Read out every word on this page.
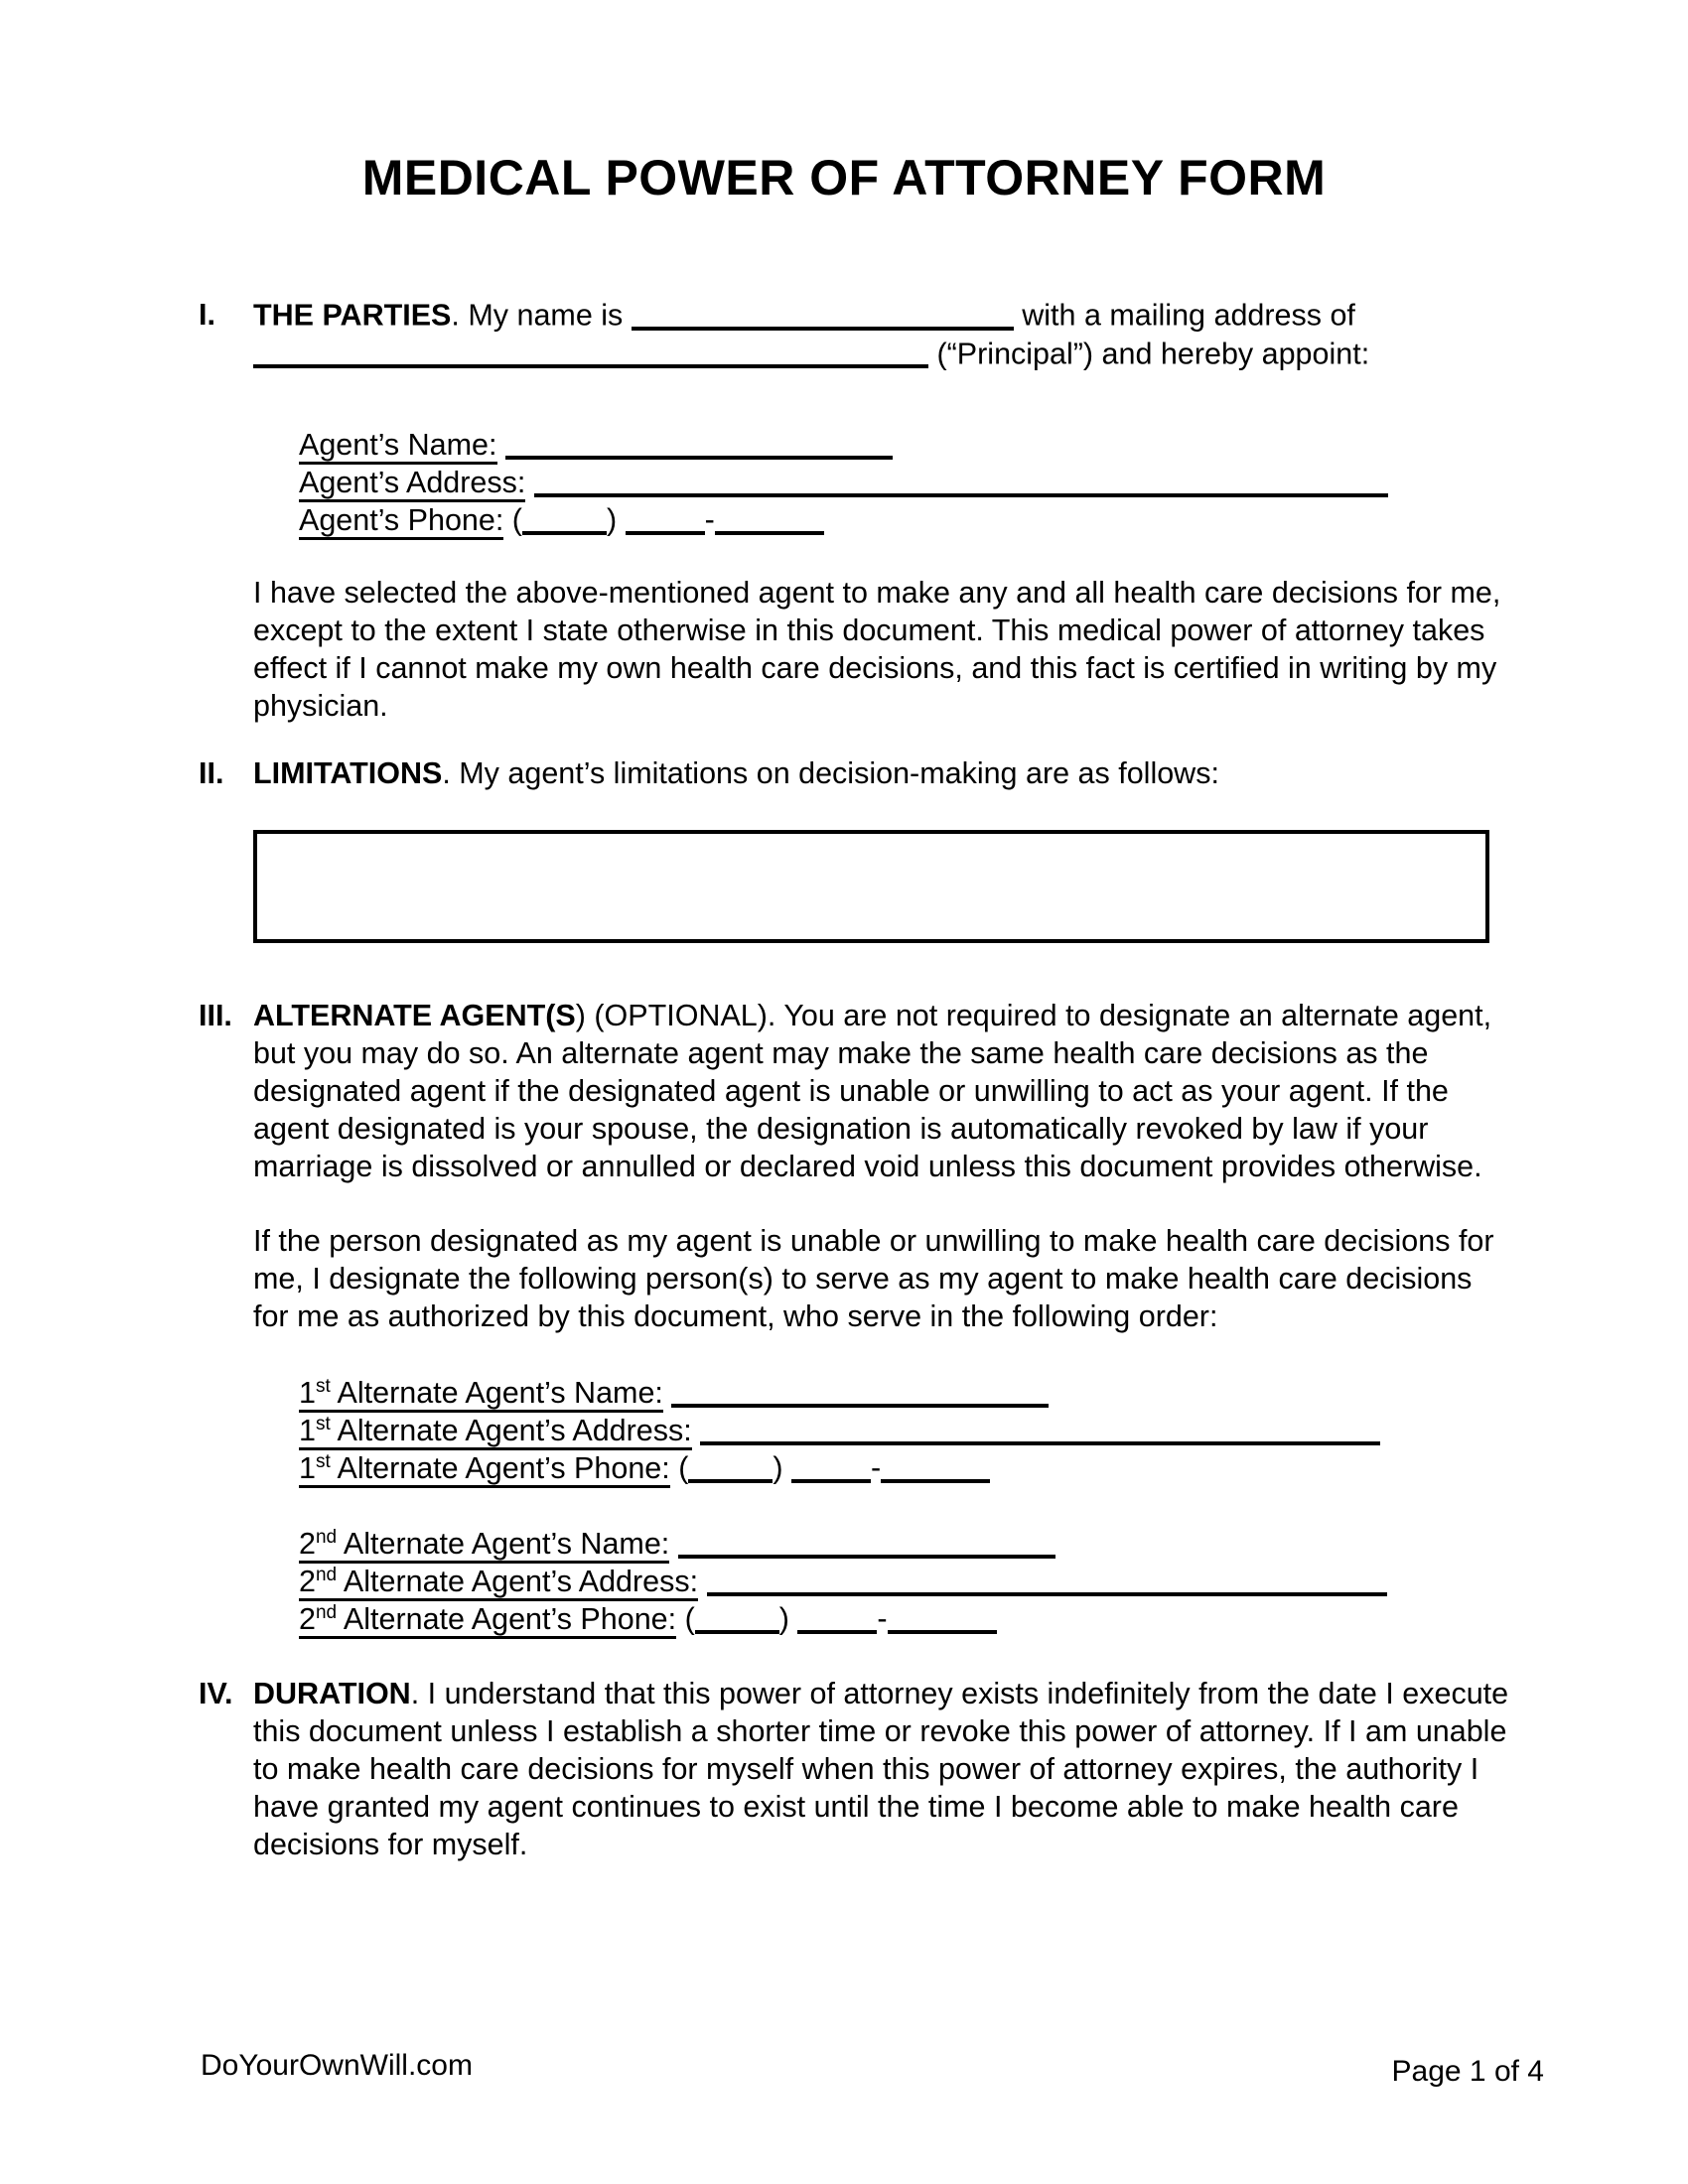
MEDICAL POWER OF ATTORNEY FORM
I.	THE PARTIES. My name is	with a mailing address of
(“Principal”) and hereby appoint:
Agent’s Name:
Agent’s Address:
Agent’s Phone: (	)	-

I have selected the above-mentioned agent to make any and all health care decisions for me, except to the extent I state otherwise in this document. This medical power of attorney takes effect if I cannot make my own health care decisions, and this fact is certified in writing by my physician.

II. LIMITATIONS. My agent’s limitations on decision-making are as follows:
III. ALTERNATE AGENT(S) (OPTIONAL). You are not required to designate an alternate agent, but you may do so. An alternate agent may make the same health care decisions as the designated agent if the designated agent is unable or unwilling to act as your agent. If the agent designated is your spouse, the designation is automatically revoked by law if your marriage is dissolved or annulled or declared void unless this document provides otherwise.

If the person designated as my agent is unable or unwilling to make health care decisions for me, I designate the following person(s) to serve as my agent to make health care decisions for me as authorized by this document, who serve in the following order:

1st Alternate Agent’s Name:
1st Alternate Agent’s Address:
1st Alternate Agent’s Phone: (	)	-
2nd Alternate Agent’s Name:
2nd Alternate Agent’s Address:
2nd Alternate Agent’s Phone: (	)	-
IV. DURATION. I understand that this power of attorney exists indefinitely from the date I execute this document unless I establish a shorter time or revoke this power of attorney. If I am unable to make health care decisions for myself when this power of attorney expires, the authority I have granted my agent continues to exist until the time I become able to make health care decisions for myself.
DoYourOwnWill.com	Page 1 of 4
